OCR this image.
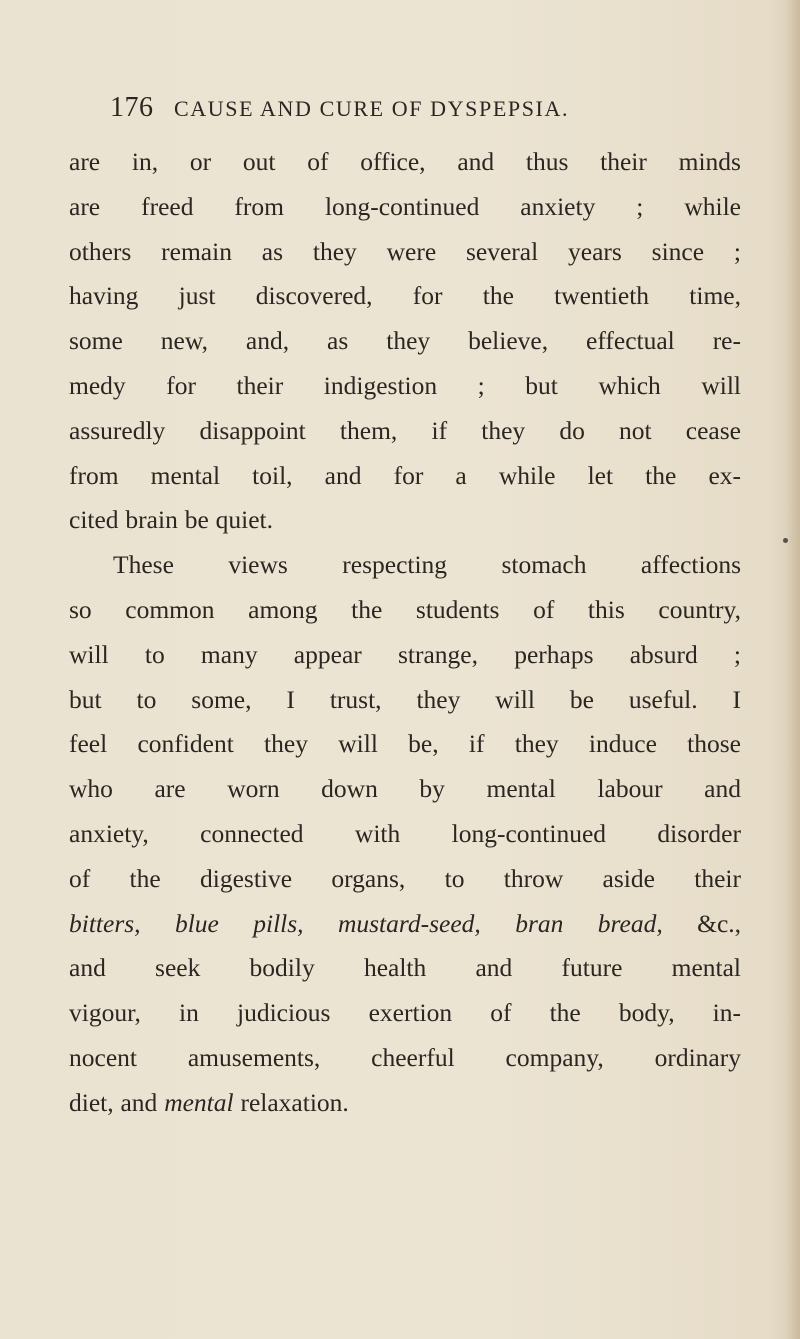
176 CAUSE AND CURE OF DYSPEPSIA.
are in, or out of office, and thus their minds
are freed from long-continued anxiety ; while
others remain as they were several years since ;
having just discovered, for the twentieth time,
some new, and, as they believe, effectual re-
medy for their indigestion ; but which will
assuredly disappoint them, if they do not cease
from mental toil, and for a while let the ex-
cited brain be quiet.
These views respecting stomach affections
so common among the students of this country,
will to many appear strange, perhaps absurd ;
but to some, I trust, they will be useful. I
feel confident they will be, if they induce those
who are worn down by mental labour and
anxiety, connected with long-continued disorder
of the digestive organs, to throw aside their
bitters, blue pills, mustard-seed, bran bread, &c.,
and seek bodily health and future mental
vigour, in judicious exertion of the body, in-
nocent amusements, cheerful company, ordinary
diet, and mental relaxation.
